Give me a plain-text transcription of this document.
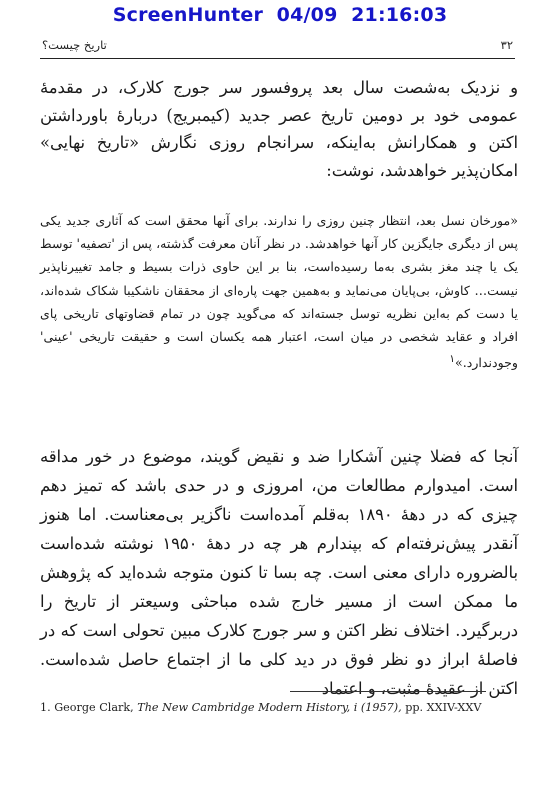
ScreenHunter  04/09  21:16:03
۳۲
تاریخ چیست؟

و نزدیک به‌شصت سال بعد پروفسور سر جورج کلارک، در مقدمهٔ عمومی خود بر دومین تاریخ عصر جدید (کیمبریج) دربارهٔ باورداشتن اکتن و همکارانش به‌اینکه، سرانجام روزی نگارش «تاریخ نهایی» امکان‌پذیر خواهدشد، نوشت:

«مورخان نسل بعد، انتظار چنین روزی را ندارند. برای آنها محقق است که آثاری جدید یکی پس از دیگری جایگزین کار آنها خواهدشد. در نظر آنان معرفت گذشته، پس از 'تصفیه' توسط یک یا چند مغز بشری به‌ما رسیده‌است، بنا بر این حاوی ذرات بسیط و جامد تغییرناپذیر نیست… کاوش، بی‌پایان می‌نماید و به‌همین جهت پاره‌ای از محققان ناشکیبا شکاک شده‌اند، یا دست کم به‌این نظریه توسل جسته‌اند که می‌گوید چون در تمام قضاوتهای تاریخی پای افراد و عقاید شخصی در میان است، اعتبار همه یکسان است و حقیقت تاریخی 'عینی' وجودندارد.»$^۱$

آنجا که فضلا چنین آشکارا ضد و نقیض گویند، موضوع در خور مداقه است. امیدوارم مطالعات من، امروزی و در حدی باشد که تمیز دهم چیزی که در دههٔ ۱۸۹۰ به‌قلم آمده‌است ناگزیر بی‌معناست. اما هنوز آنقدر پیش‌نرفته‌ام که بپندارم هر چه در دههٔ ۱۹۵۰ نوشته شده‌است بالضروره دارای معنی است. چه بسا تا کنون متوجه شده‌اید که پژوهش ما ممکن است از مسیر خارج شده مباحثی وسیعتر از تاریخ را دربرگیرد. اختلاف نظر اکتن و سر جورج کلارک مبین تحولی است که در فاصلهٔ ابراز دو نظر فوق در دید کلی ما از اجتماع حاصل شده‌است. اکتن از عقیدهٔ مثبت، و اعتماد

1. George Clark, The New Cambridge Modern History, i (1957), pp. XXIV-XXV
